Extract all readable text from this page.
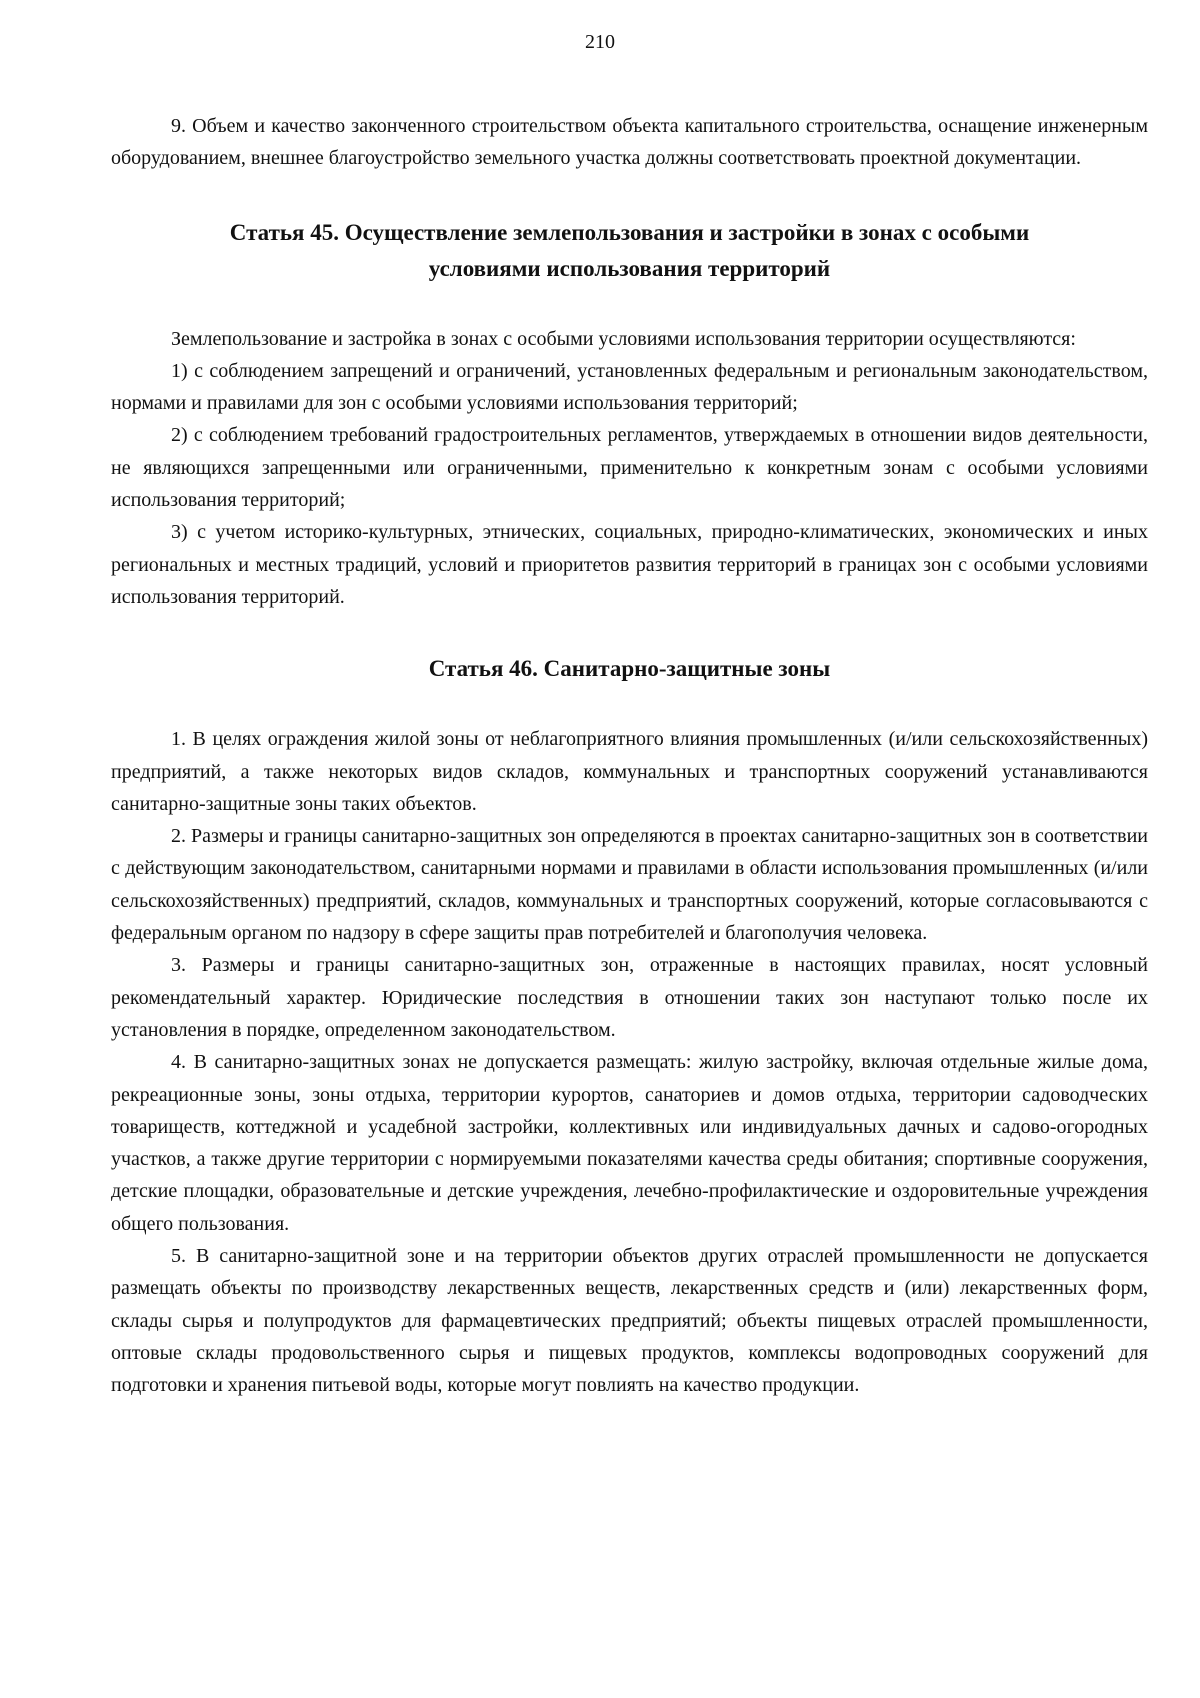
210

9. Объем и качество законченного строительством объекта капитального строительства, оснащение инженерным оборудованием, внешнее благоустройство земельного участка должны соответствовать проектной документации.

Статья 45. Осуществление землепользования и застройки в зонах с особыми
условиями использования территорий

Землепользование и застройка в зонах с особыми условиями использования территории осуществляются:

1) с соблюдением запрещений и ограничений, установленных федеральным и региональным законодательством, нормами и правилами для зон с особыми условиями использования территорий;

2) с соблюдением требований градостроительных регламентов, утверждаемых в отношении видов деятельности, не являющихся запрещенными или ограниченными, применительно к конкретным зонам с особыми условиями использования территорий;

3) с учетом историко-культурных, этнических, социальных, природно-климатических, экономических и иных региональных и местных традиций, условий и приоритетов развития территорий в границах зон с особыми условиями использования территорий.

Статья 46. Санитарно-защитные зоны

1. В целях ограждения жилой зоны от неблагоприятного влияния промышленных (и/или сельскохозяйственных) предприятий, а также некоторых видов складов, коммунальных и транспортных сооружений устанавливаются санитарно-защитные зоны таких объектов.

2. Размеры и границы санитарно-защитных зон определяются в проектах санитарно-защитных зон в соответствии с действующим законодательством, санитарными нормами и правилами в области использования промышленных (и/или сельскохозяйственных) предприятий, складов, коммунальных и транспортных сооружений, которые согласовываются с федеральным органом по надзору в сфере защиты прав потребителей и благополучия человека.

3. Размеры и границы санитарно-защитных зон, отраженные в настоящих правилах, носят условный рекомендательный характер. Юридические последствия в отношении таких зон наступают только после их установления в порядке, определенном законодательством.

4. В санитарно-защитных зонах не допускается размещать: жилую застройку, включая отдельные жилые дома, рекреационные зоны, зоны отдыха, территории курортов, санаториев и домов отдыха, территории садоводческих товариществ, коттеджной и усадебной застройки, коллективных или индивидуальных дачных и садово-огородных участков, а также другие территории с нормируемыми показателями качества среды обитания; спортивные сооружения, детские площадки, образовательные и детские учреждения, лечебно-профилактические и оздоровительные учреждения общего пользования.

5. В санитарно-защитной зоне и на территории объектов других отраслей промышленности не допускается размещать объекты по производству лекарственных веществ, лекарственных средств и (или) лекарственных форм, склады сырья и полупродуктов для фармацевтических предприятий; объекты пищевых отраслей промышленности, оптовые склады продовольственного сырья и пищевых продуктов, комплексы водопроводных сооружений для подготовки и хранения питьевой воды, которые могут повлиять на качество продукции.
